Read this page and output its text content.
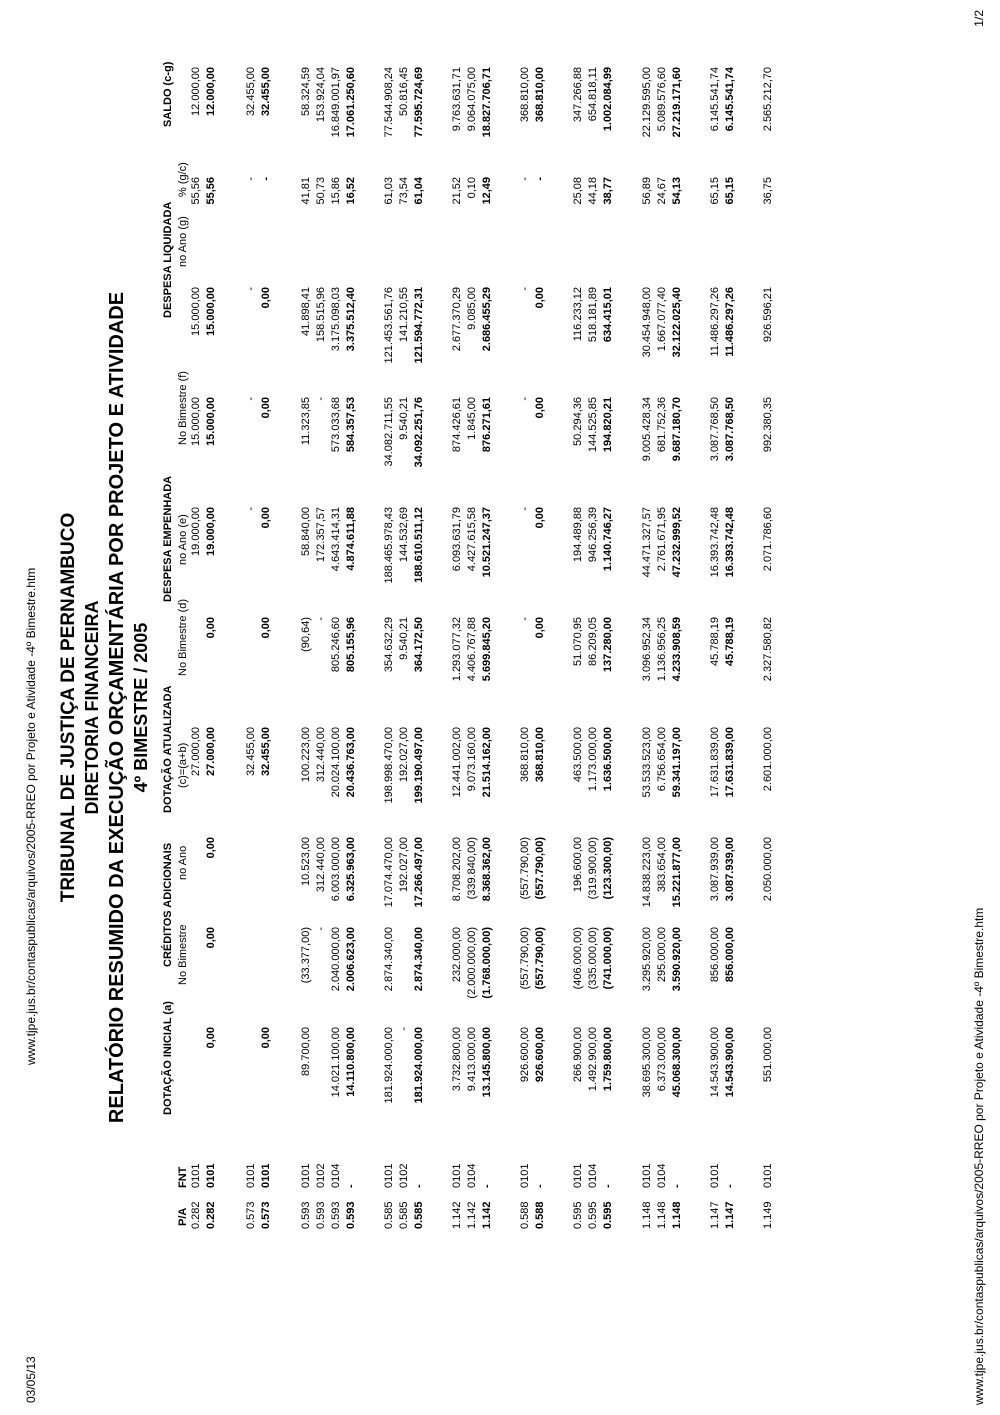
03/05/13
www.tjpe.jus.br/contaspublicas/arquivos/2005-RREO por Projeto e Atividade -4º Bimestre.htm TRIBUNAL DE JUSTIÇA DE PERNAMBUCO DIRETORIA FINANCEIRA RELATÓRIO RESUMIDO DA EXECUÇÃO ORÇAMENTÁRIA POR PROJETO E ATIVIDADE 4º BIMESTRE / 2005
P/A
FNT
DOTAÇÃO INICIAL (a)
CRÉDITOS ADICIONAIS No Bimestre
no Ano
DOTAÇÃO ATUALIZADA (c)=(a+b)
DESPESA EMPENHADA
No Bimestre (d)
no Ano (e)
DESPESA LIQUIDADA
No Bimestre (f)
no Ano (g)
% (g/c)
SALDO (c-g)
0.282
0101
27.000,00
19.000,00
15.000,00
15.000,00
55,56
12.000,00
0.282
0101
0,00
0,00
0,00
27.000,00
0,00
19.000,00
15.000,00
15.000,00
55,56
12.000,00
0.573
0101
32.455,00
-
-
-
-
32.455,00
0.573
0101
0,00
32.455,00
0,00
0,00
0,00
0,00
-
32.455,00
0.593
0101
89.700,00
(33.377,00)
10.523,00
100.223,00
(90,64)
58.840,00
11.323,85
41.898,41
41,81
58.324,59
0.593
0102
-
312.440,00
312.440,00
-
172.357,57
-
158.515,96
50,73
153.924,04
0.593
0104
14.021.100,00
2.040.000,00
6.003.000,00
20.024.100,00
805.246,60
4.643.414,31
573.033,68
3.175.098,03
15,86
16.849.001,97
0.593
-
14.110.800,00
2.006.623,00
6.325.963,00
20.436.763,00
805.155,96
4.874.611,88
584.357,53
3.375.512,40
16,52
17.061.250,60
0.585
0101
181.924.000,00
2.874.340,00
17.074.470,00
198.998.470,00
354.632,29
188.465.978,43
34.082.711,55
121.453.561,76
61,03
77.544.908,24
0.585
0102
-
192.027,00
192.027,00
9.540,21
144.532,69
9.540,21
141.210,55
73,54
50.816,45
0.585
-
181.924.000,00
2.874.340,00
17.266.497,00
199.190.497,00
364.172,50
188.610.511,12
34.092.251,76
121.594.772,31
61,04
77.595.724,69
1.142
0101
3.732.800,00
232.000,00
8.708.202,00
12.441.002,00
1.293.077,32
6.093.631,79
874.426,61
2.677.370,29
21,52
9.763.631,71
1.142
0104
9.413.000,00
(2.000.000,00)
(339.840,00)
9.073.160,00
4.406.767,88
4.427.615,58
1.845,00
9.085,00
0,10
9.064.075,00
1.142
-
13.145.800,00
(1.768.000,00)
8.368.362,00
21.514.162,00
5.699.845,20
10.521.247,37
876.271,61
2.686.455,29
12,49
18.827.706,71
0.588
0101
926.600,00
(557.790,00)
(557.790,00)
368.810,00
-
-
-
-
-
368.810,00
0.588
-
926.600,00
(557.790,00)
(557.790,00)
368.810,00
0,00
0,00
0,00
0,00
-
368.810,00
0.595
0101
266.900,00
(406.000,00)
196.600,00
463.500,00
51.070,95
194.489,88
50.294,36
116.233,12
25,08
347.266,88
0.595
0104
1.492.900,00
(335.000,00)
(319.900,00)
1.173.000,00
86.209,05
946.256,39
144.525,85
518.181,89
44,18
654.818,11
0.595
-
1.759.800,00
(741.000,00)
(123.300,00)
1.636.500,00
137.280,00
1.140.746,27
194.820,21
634.415,01
38,77
1.002.084,99
1.148
0101
38.695.300,00
3.295.920,00
14.838.223,00
53.533.523,00
3.096.952,34
44.471.327,57
9.005.428,34
30.454.948,00
56,89
22.129.595,00
1.148
0104
6.373.000,00
295.000,00
383.654,00
6.756.654,00
1.136.956,25
2.761.671,95
681.752,36
1.667.077,40
24,67
5.089.576,60
1.148
-
45.068.300,00
3.590.920,00
15.221.877,00
59.341.197,00
4.233.908,59
47.232.999,52
9.687.180,70
32.122.025,40
54,13
27.219.171,60
1.147
0101
14.543.900,00
856.000,00
3.087.939,00
17.631.839,00
45.788,19
16.393.742,48
3.087.768,50
11.486.297,26
65,15
6.145.541,74
1.147
-
14.543.900,00
856.000,00
3.087.939,00
17.631.839,00
45.788,19
16.393.742,48
3.087.768,50
11.486.297,26
65,15
6.145.541,74
1.149
0101
551.000,00
2.050.000,00
2.601.000,00
2.327.580,82
2.071.786,60
992.380,35
926.596,21
36,75
2.565.212,70
www.tjpe.jus.br/contaspublicas/arquivos/2005-RREO por Projeto e Atividade -4º Bimestre.htm
1/2
